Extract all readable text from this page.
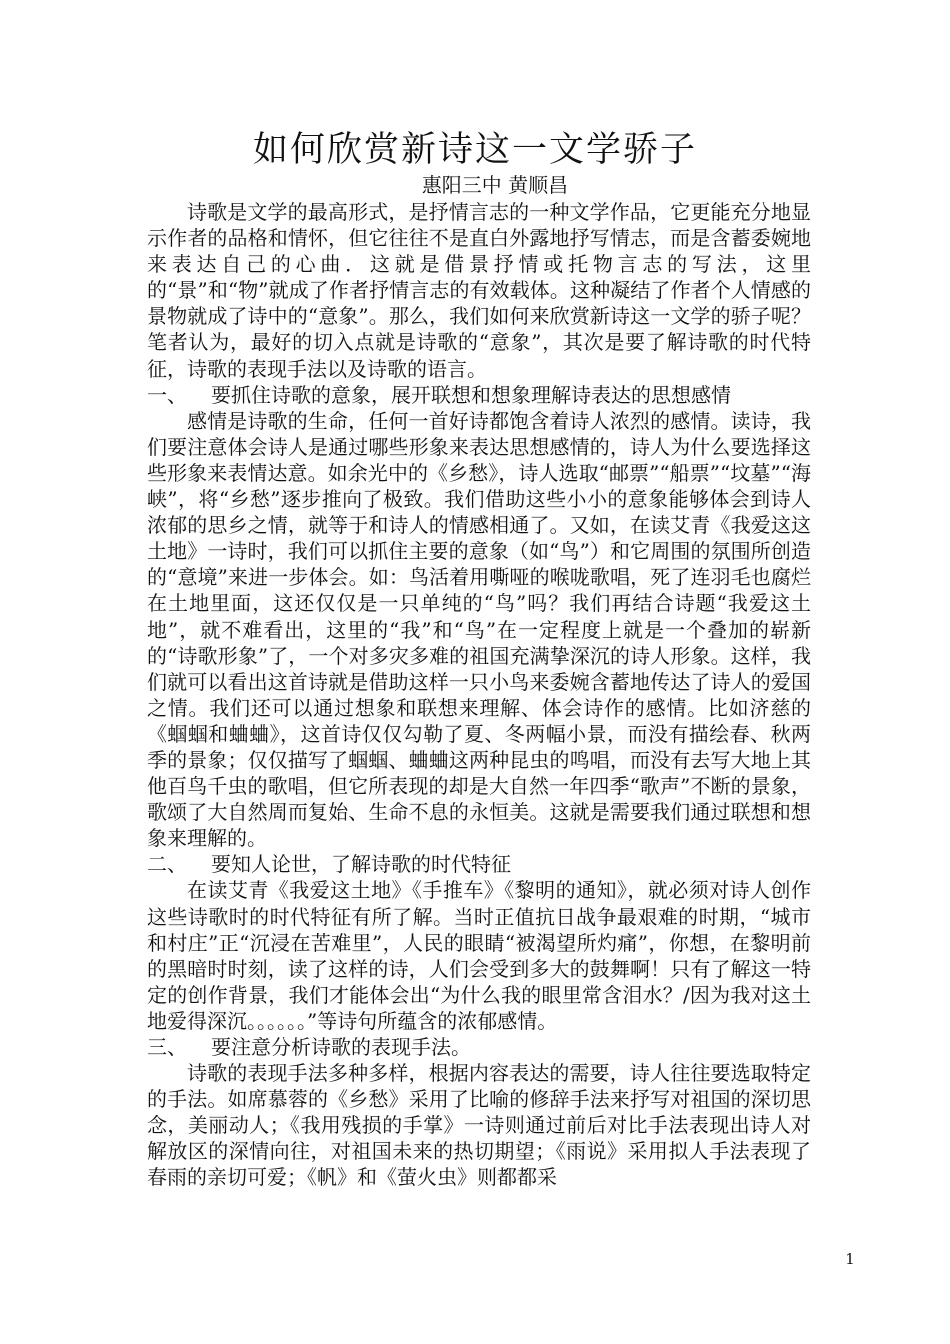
如何欣赏新诗这一文学骄子
惠阳三中 黄顺昌

诗歌是文学的最高形式，是抒情言志的一种文学作品，它更能充分地显示作者的品格和情怀，但它往往不是直白外露地抒写情志，而是含蓄委婉地来表达自己的心曲．这就是借景抒情或托物言志的写法，这里的“景”和“物”就成了作者抒情言志的有效载体。这种凝结了作者个人情感的景物就成了诗中的“意象”。那么，我们如何来欣赏新诗这一文学的骄子呢？笔者认为，最好的切入点就是诗歌的“意象”，其次是要了解诗歌的时代特征，诗歌的表现手法以及诗歌的语言。

一、	要抓住诗歌的意象，展开联想和想象理解诗表达的思想感情

感情是诗歌的生命，任何一首好诗都饱含着诗人浓烈的感情。读诗，我们要注意体会诗人是通过哪些形象来表达思想感情的，诗人为什么要选择这些形象来表情达意。如余光中的《乡愁》，诗人选取“邮票”“船票”“坟墓”“海峡”，将“乡愁”逐步推向了极致。我们借助这些小小的意象能够体会到诗人浓郁的思乡之情，就等于和诗人的情感相通了。又如，在读艾青《我爱这这土地》一诗时，我们可以抓住主要的意象（如“鸟”）和它周围的氛围所创造的“意境”来进一步体会。如：鸟活着用嘶哑的喉咙歌唱，死了连羽毛也腐烂在土地里面，这还仅仅是一只单纯的“鸟”吗？我们再结合诗题“我爱这土地”，就不难看出，这里的“我”和“鸟”在一定程度上就是一个叠加的崭新的“诗歌形象”了，一个对多灾多难的祖国充满挚深沉的诗人形象。这样，我们就可以看出这首诗就是借助这样一只小鸟来委婉含蓄地传达了诗人的爱国之情。我们还可以通过想象和联想来理解、体会诗作的感情。比如济慈的《蝈蝈和蛐蛐》，这首诗仅仅勾勒了夏、冬两幅小景，而没有描绘春、秋两季的景象；仅仅描写了蝈蝈、蛐蛐这两种昆虫的鸣唱，而没有去写大地上其他百鸟千虫的歌唱，但它所表现的却是大自然一年四季“歌声”不断的景象，歌颂了大自然周而复始、生命不息的永恒美。这就是需要我们通过联想和想象来理解的。

二、	要知人论世，了解诗歌的时代特征

在读艾青《我爱这土地》《手推车》《黎明的通知》，就必须对诗人创作这些诗歌时的时代特征有所了解。当时正值抗日战争最艰难的时期，“城市和村庄”正“沉浸在苦难里”，人民的眼睛“被渴望所灼痛”，你想，在黎明前的黑暗时时刻，读了这样的诗，人们会受到多大的鼓舞啊！只有了解这一特定的创作背景，我们才能体会出“为什么我的眼里常含泪水？/因为我对这土地爱得深沉。。。。。。”等诗句所蕴含的浓郁感情。

三、	要注意分析诗歌的表现手法。

诗歌的表现手法多种多样，根据内容表达的需要，诗人往往要选取特定的手法。如席慕蓉的《乡愁》采用了比喻的修辞手法来抒写对祖国的深切思念，美丽动人；《我用残损的手掌》一诗则通过前后对比手法表现出诗人对解放区的深情向往，对祖国未来的热切期望；《雨说》采用拟人手法表现了春雨的亲切可爱；《帆》和《萤火虫》则都都采

1
